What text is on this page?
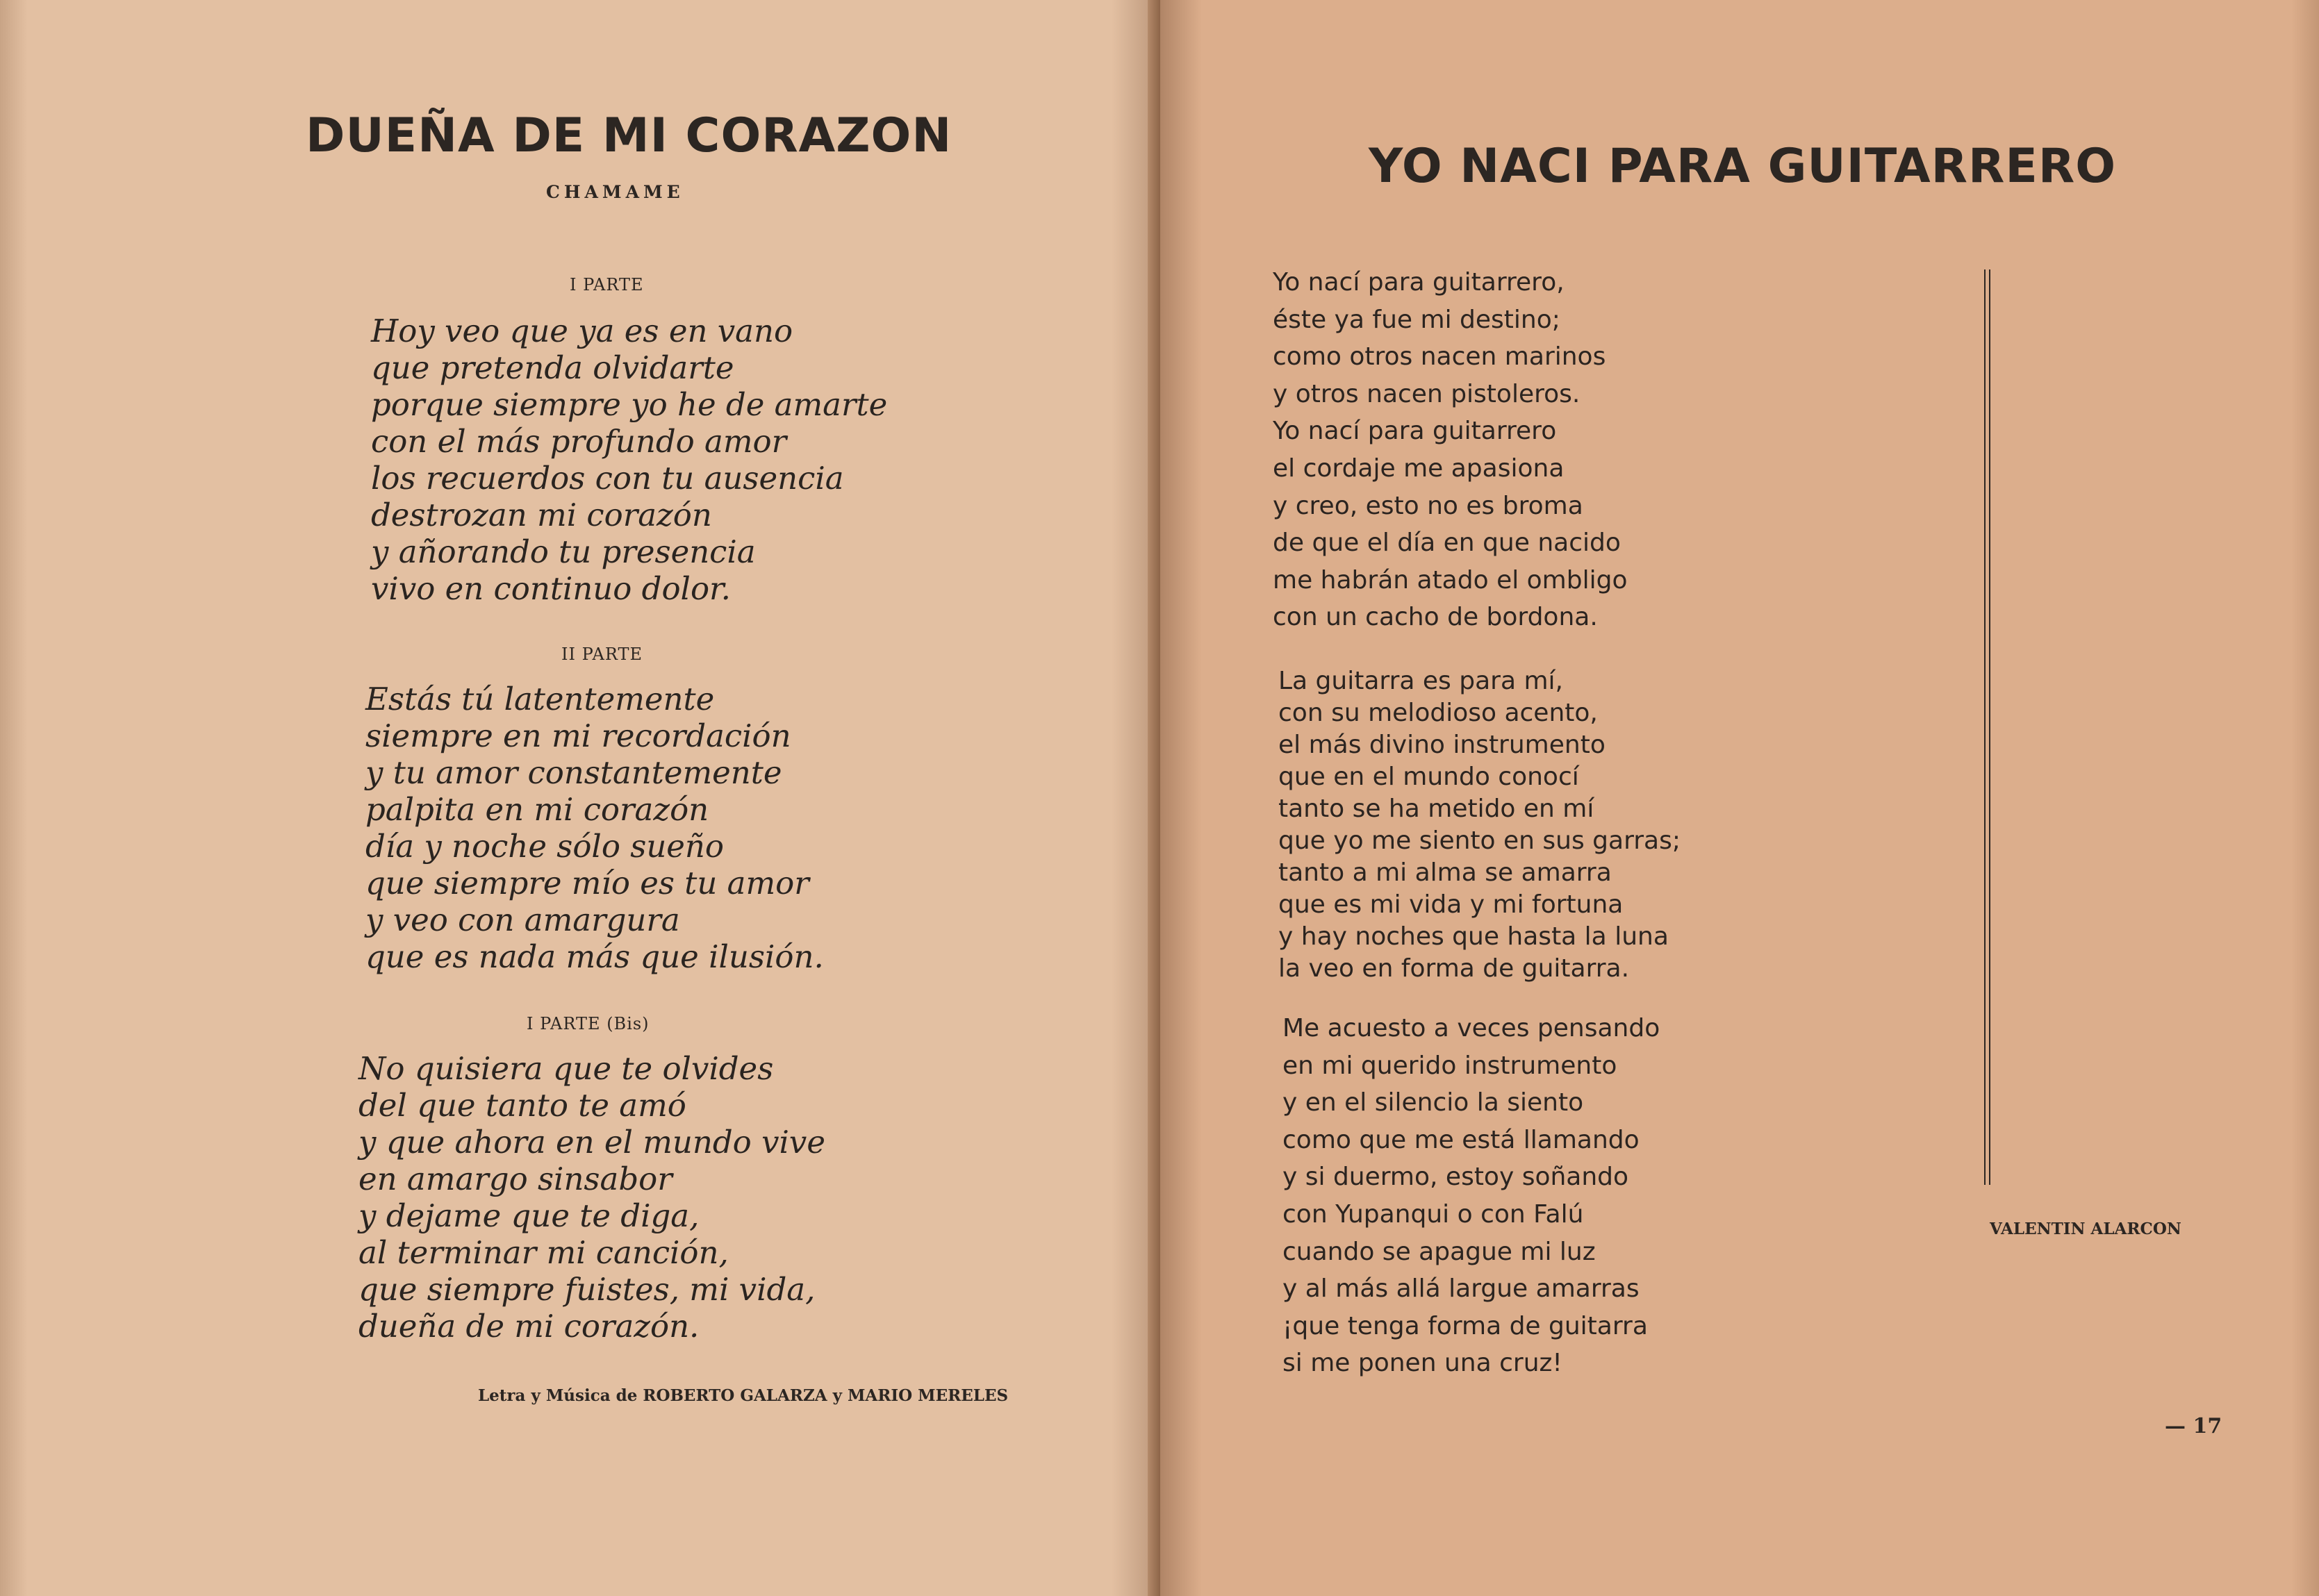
DUEÑA DE MI CORAZON
CHAMAME
I PARTE
Hoy veo que ya es en vano
que pretenda olvidarte
porque siempre yo he de amarte
con el más profundo amor
los recuerdos con tu ausencia
destrozan mi corazón
y añorando tu presencia
vivo en continuo dolor.
II PARTE
Estás tú latentemente
siempre en mi recordación
y tu amor constantemente
palpita en mi corazón
día y noche sólo sueño
que siempre mío es tu amor
y veo con amargura
que es nada más que ilusión.
I PARTE (Bis)
No quisiera que te olvides
del que tanto te amó
y que ahora en el mundo vive
en amargo sinsabor
y dejame que te diga,
al terminar mi canción,
que siempre fuistes, mi vida,
dueña de mi corazón.
Letra y Música de ROBERTO GALARZA y MARIO MERELES
YO NACI PARA GUITARRERO
Yo nací para guitarrero,
éste ya fue mi destino;
como otros nacen marinos
y otros nacen pistoleros.
Yo nací para guitarrero
el cordaje me apasiona
y creo, esto no es broma
de que el día en que nacido
me habrán atado el ombligo
con un cacho de bordona.
La guitarra es para mí,
con su melodioso acento,
el más divino instrumento
que en el mundo conocí
tanto se ha metido en mí
que yo me siento en sus garras;
tanto a mi alma se amarra
que es mi vida y mi fortuna
y hay noches que hasta la luna
la veo en forma de guitarra.
Me acuesto a veces pensando
en mi querido instrumento
y en el silencio la siento
como que me está llamando
y si duermo, estoy soñando
con Yupanqui o con Falú
cuando se apague mi luz
y al más allá largue amarras
¡que tenga forma de guitarra
si me ponen una cruz!
VALENTIN ALARCON
— 17
